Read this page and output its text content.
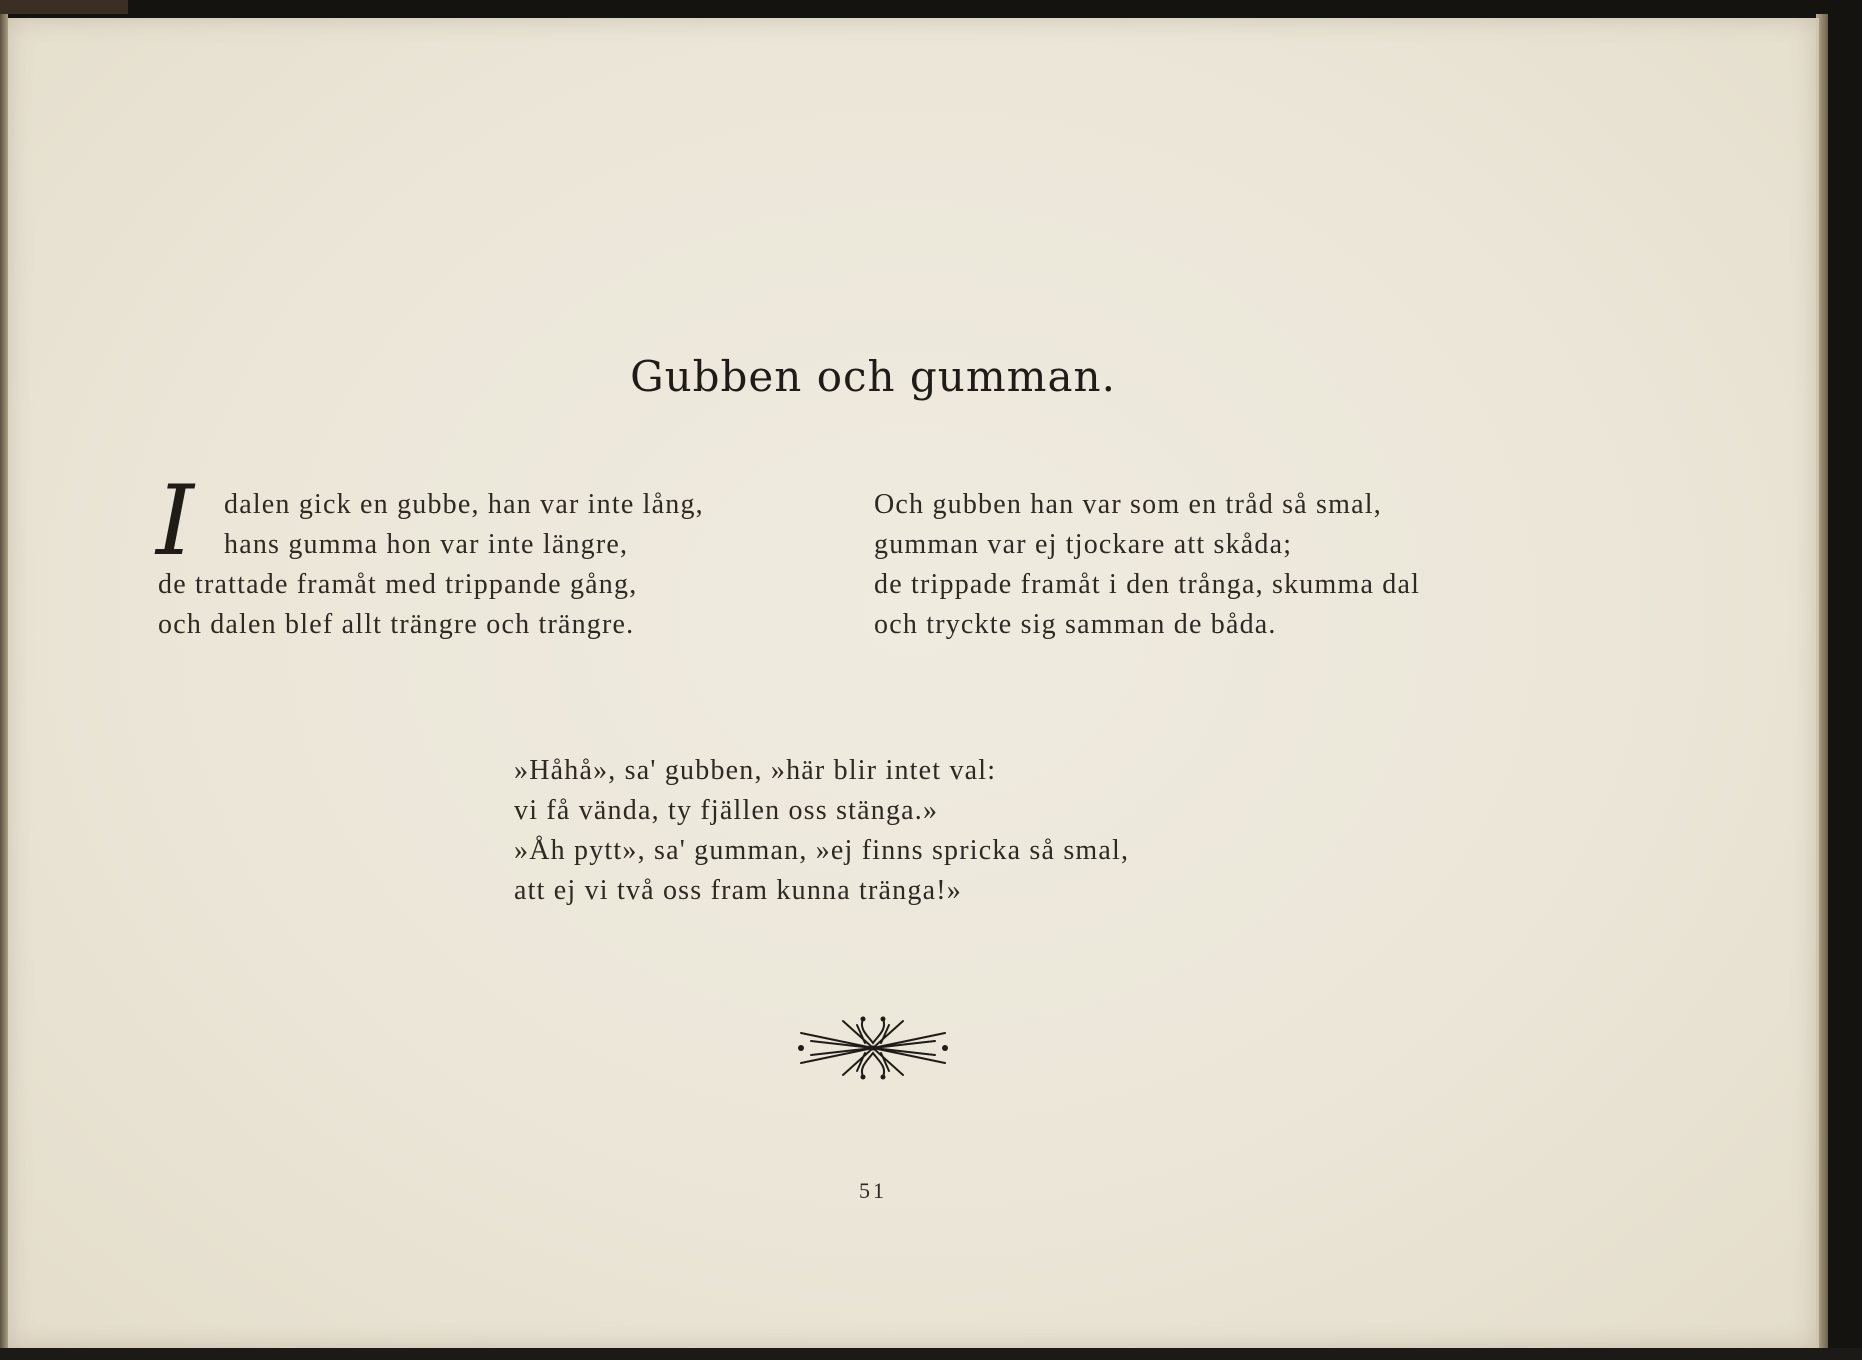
Gubben och gumman.
I	dalen gick en gubbe, han var inte lång,
hans gumma hon var inte längre,
de trattade framåt med trippande gång,
och dalen blef allt trängre och trängre.
Och gubben han var som en tråd så smal,
gumman var ej tjockare att skåda;
de trippade framåt i den trånga, skumma dal
och tryckte sig samman de båda.
»Håhå», sa' gubben, »här blir intet val:
vi få vända, ty fjällen oss stänga.»
»Åh pytt», sa' gumman, »ej finns spricka så smal,
att ej vi två oss fram kunna tränga!»
51
